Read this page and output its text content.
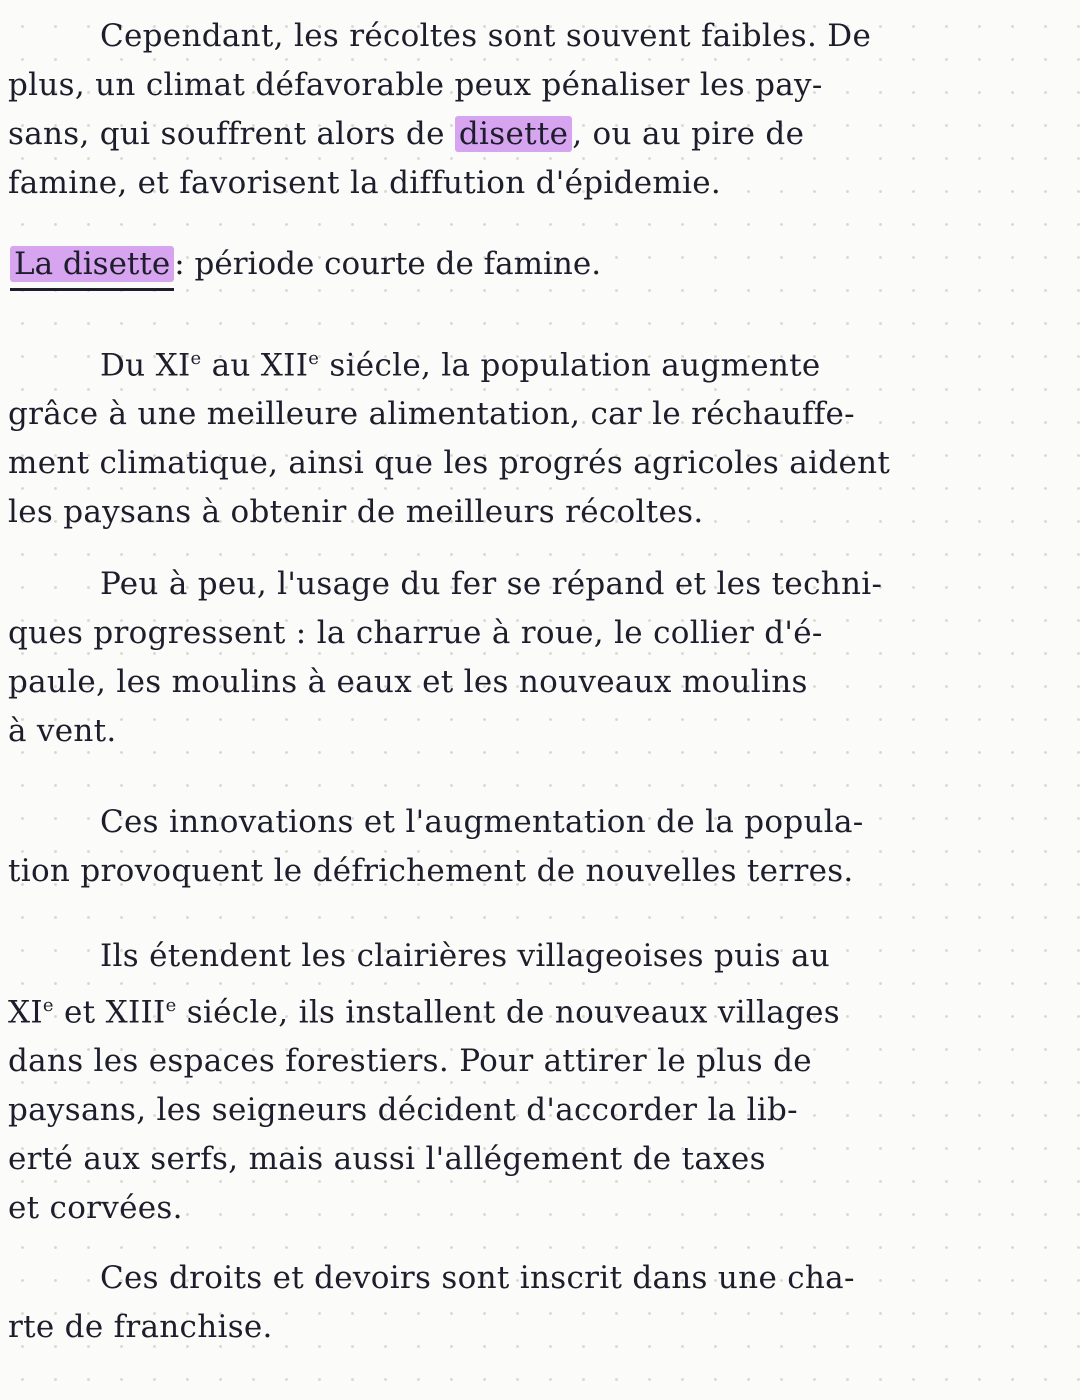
Cependant, les récoltes sont souvent faibles. De
plus, un climat défavorable peux pénaliser les pay-
sans, qui souffrent alors de disette , ou au pire de
famine, et favorisent la diffution d'épidemie.

La disette : période courte de famine.

Du XIe au XIIe siécle, la population augmente
grâce à une meilleure alimentation, car le réchauffe-
ment climatique, ainsi que les progrés agricoles aident
les paysans à obtenir de meilleurs récoltes.

Peu à peu, l'usage du fer se répand et les techni-
ques progressent : la charrue à roue, le collier d'é-
paule, les moulins à eaux et les nouveaux moulins
à vent.

Ces innovations et l'augmentation de la popula-
tion provoquent le défrichement de nouvelles terres.

Ils étendent les clairières villageoises puis au
XIe et XIIIe siécle, ils installent de nouveaux villages
dans les espaces forestiers. Pour attirer le plus de
paysans, les seigneurs décident d'accorder la lib-
erté aux serfs, mais aussi l'allégement de taxes
et corvées.

Ces droits et devoirs sont inscrit dans une cha-
rte de franchise.
